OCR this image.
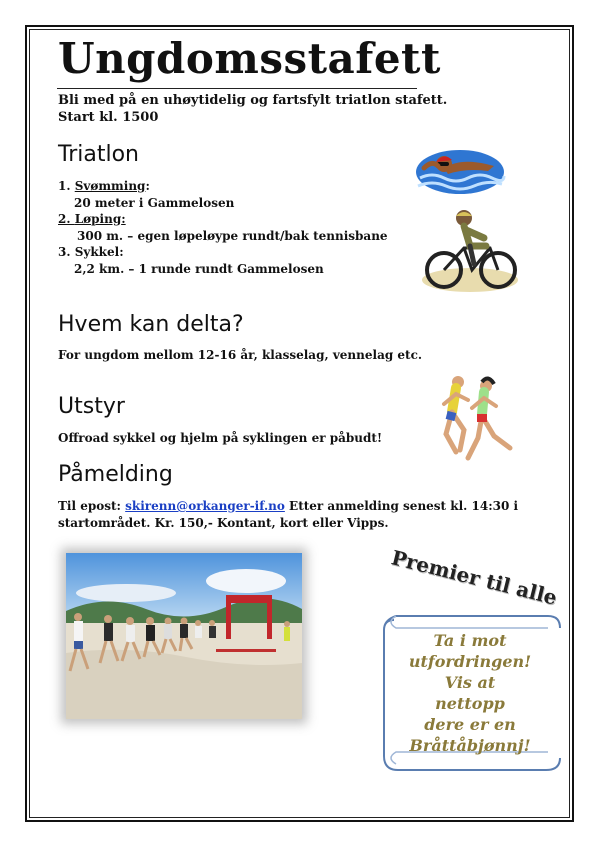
Ungdomsstafett
Bli med på en uhøytidelig og fartsfylt triatlon stafett.
Start kl. 1500
Triatlon
1. Svømming:
20 meter i Gammelosen
2. Løping:
300 m. – egen løpeløype rundt/bak tennisbane
3. Sykkel:
2,2 km. – 1 runde rundt Gammelosen
Hvem kan delta?
For ungdom mellom 12-16 år, klasselag, vennelag etc.
Utstyr
Offroad sykkel og hjelm på syklingen er påbudt!
Påmelding
Til epost: skirenn@orkanger-if.no Etter anmelding senest kl. 14:30 i
startområdet. Kr. 150,- Kontant, kort eller Vipps.
Premier til alle
Ta i mot
utfordringen!
Vis at
nettopp
dere er en
Bråttåbjønnj!
